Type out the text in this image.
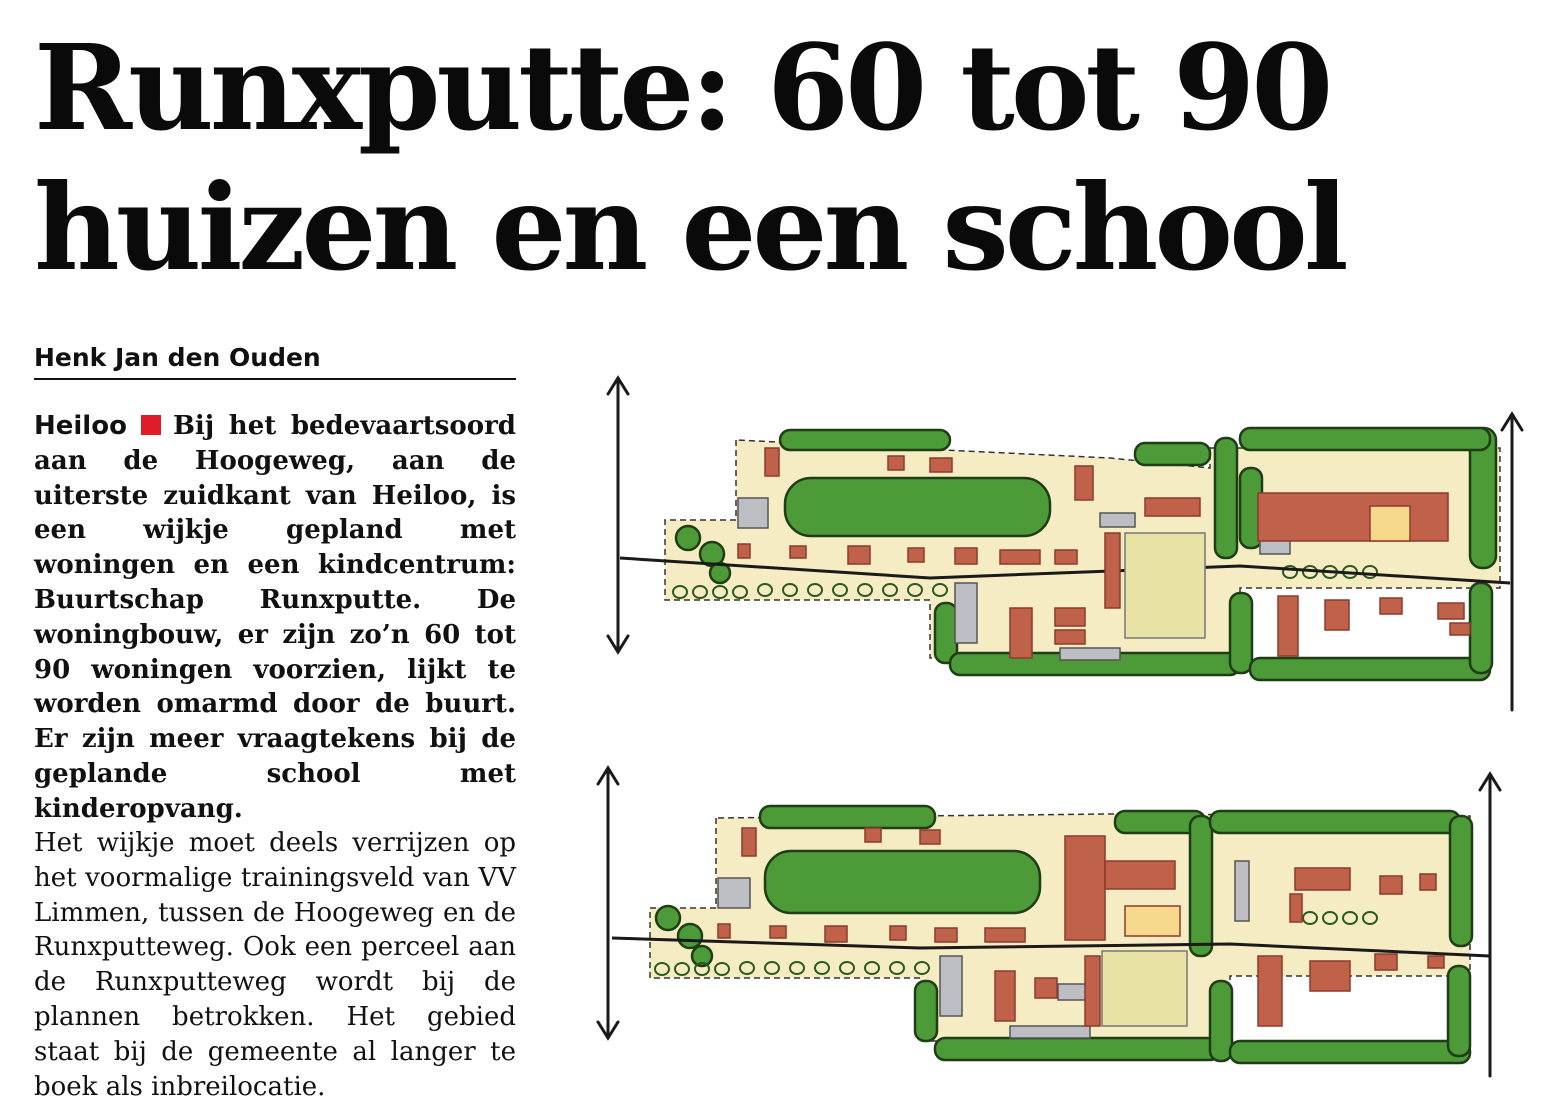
Runxputte: 60 tot 90
huizen en een school
Henk Jan den Ouden

Heiloo Bij het bedevaartsoord aan de Hoogeweg, aan de uiterste zuidkant van Heiloo, is een wijkje gepland met woningen en een kindcentrum: Buurtschap Runxputte. De woningbouw, er zijn zo’n 60 tot 90 woningen voorzien, lijkt te worden omarmd door de buurt. Er zijn meer vraagtekens bij de geplande school met kinderopvang.

Het wijkje moet deels verrijzen op het voormalige trainingsveld van VV Limmen, tussen de Hoogeweg en de Runxputteweg. Ook een perceel aan de Runxputteweg wordt bij de plannen betrokken. Het gebied staat bij de gemeente al langer te boek als inbreilocatie.
